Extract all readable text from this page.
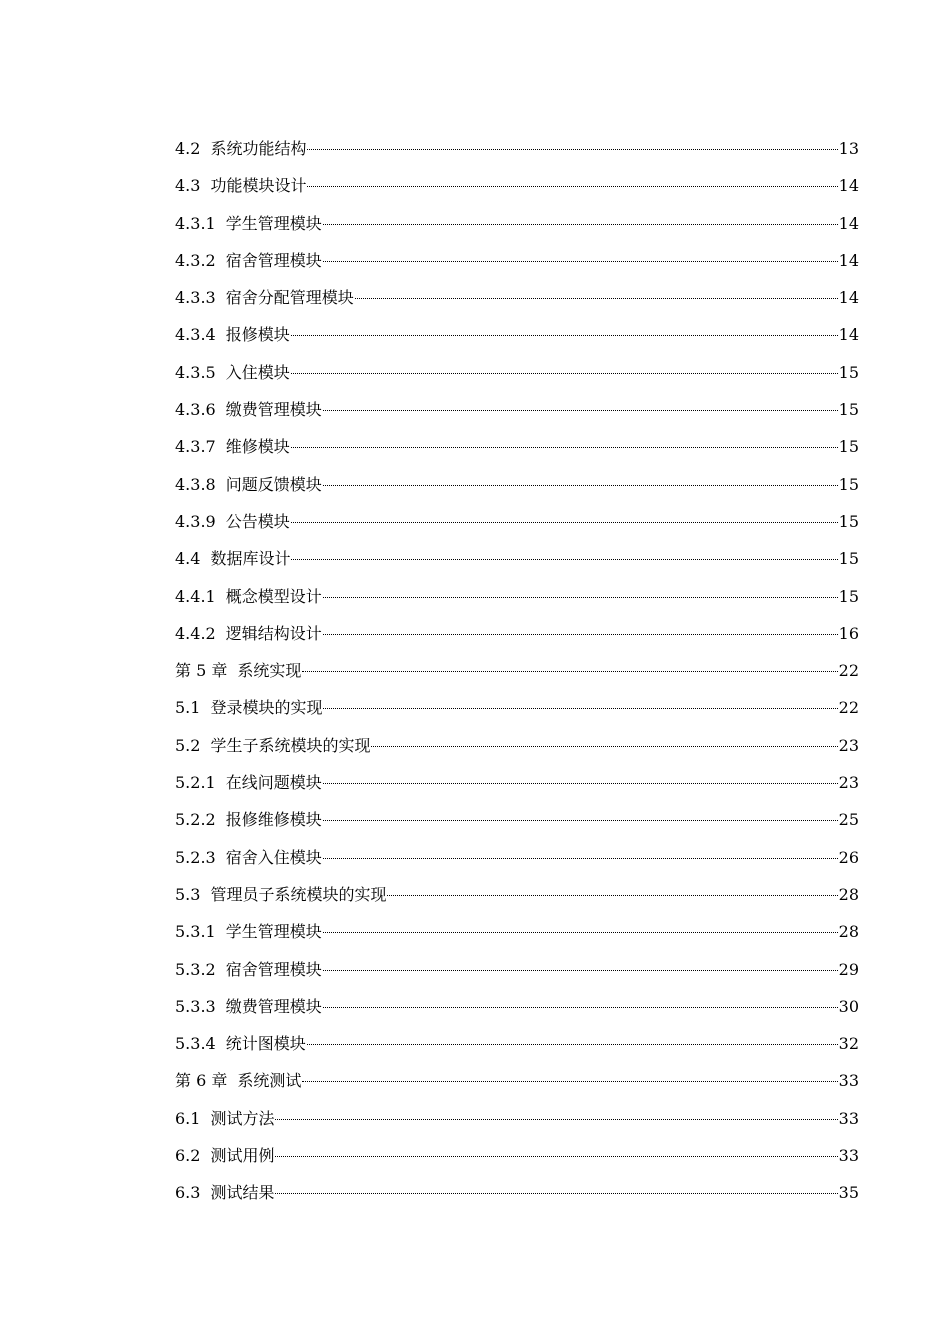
4.2 系统功能结构	13
4.3 功能模块设计	14
4.3.1 学生管理模块	14
4.3.2 宿舍管理模块	14
4.3.3 宿舍分配管理模块	14
4.3.4 报修模块	14
4.3.5 入住模块	15
4.3.6 缴费管理模块	15
4.3.7 维修模块	15
4.3.8 问题反馈模块	15
4.3.9 公告模块	15
4.4 数据库设计	15
4.4.1 概念模型设计	15
4.4.2 逻辑结构设计	16
第 5 章 系统实现	22
5.1 登录模块的实现	22
5.2 学生子系统模块的实现	23
5.2.1 在线问题模块	23
5.2.2 报修维修模块	25
5.2.3 宿舍入住模块	26
5.3 管理员子系统模块的实现	28
5.3.1 学生管理模块	28
5.3.2 宿舍管理模块	29
5.3.3 缴费管理模块	30
5.3.4 统计图模块	32
第 6 章 系统测试	33
6.1 测试方法	33
6.2 测试用例	33
6.3 测试结果	35
